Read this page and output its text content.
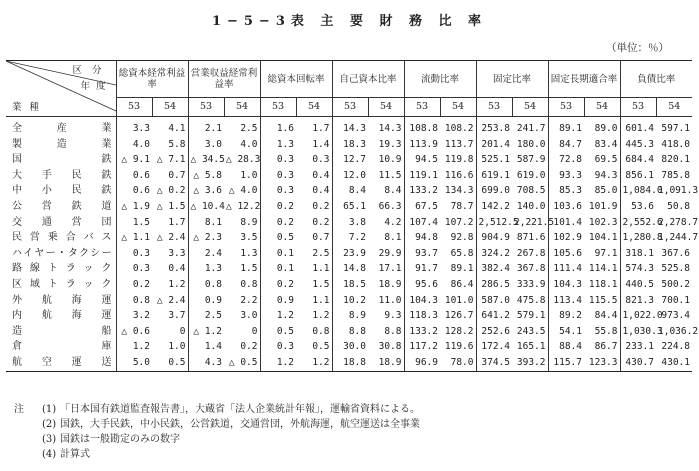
1−5−3表 主 要 財 務 比 率
（単位：％）
区分
年度
業種	総資本経常利益率		営業収益経常利益率		総資本回転率		自己資本比率		流動比率		固定比率		固定長期適合率		負債比率	
	53	54	53	54	53	54	53	54	53	54	53	54	53	54	53	54
全産業	3.3	4.1	2.1	2.5	1.6	1.7	14.3	14.3	108.8	108.2	253.8	241.7	89.1	89.0	601.4	597.1
製造業	4.0	5.8	3.0	4.0	1.3	1.4	18.3	19.3	113.9	113.7	201.4	180.0	84.7	83.4	445.3	418.0
国鉄	△ 9.1	△ 7.1	△ 34.5	△ 28.3	0.3	0.3	12.7	10.9	94.5	119.8	525.1	587.9	72.8	69.5	684.4	820.1
大手民鉄	0.6	0.7	△ 5.8	1.0	0.3	0.4	12.0	11.5	119.1	116.6	619.1	619.0	93.3	94.3	856.1	785.8
中小民鉄	0.6	△ 0.2	△ 3.6	△ 4.0	0.3	0.4	8.4	8.4	133.2	134.3	699.0	708.5	85.3	85.0	1,084.0	1,091.3
公営鉄道	△ 1.9	△ 1.5	△ 10.4	△ 12.2	0.2	0.2	65.1	66.3	67.5	78.7	142.2	140.0	103.6	101.9	53.6	50.8
交通営団	1.5	1.7	8.1	8.9	0.2	0.2	3.8	4.2	107.4	107.2	2,512.5	2,221.5	101.4	102.3	2,552.6	2,278.7
民営乗合バス	△ 1.1	△ 2.4	△ 2.3	3.5	0.5	0.7	7.2	8.1	94.8	92.8	904.9	871.6	102.9	104.1	1,280.8	1,244.7
ハイヤー・タクシー	0.3	3.3	2.4	1.3	0.1	2.5	23.9	29.9	93.7	65.8	324.2	267.8	105.6	97.1	318.1	367.6
路線トラック	0.3	0.4	1.3	1.5	0.1	1.1	14.8	17.1	91.7	89.1	382.4	367.8	111.4	114.1	574.3	525.8
区域トラック	0.2	1.2	0.8	0.8	0.2	1.5	18.5	18.9	95.6	86.4	286.5	333.9	104.3	118.1	440.5	500.2
外航海運	0.8	△ 2.4	0.9	2.2	0.9	1.1	10.2	11.0	104.3	101.0	587.0	475.8	113.4	115.5	821.3	700.1
内航海運	3.2	3.7	2.5	3.0	1.2	1.2	8.9	9.3	118.3	126.7	641.2	579.1	89.2	84.4	1,022.0	973.4
造船	△ 0.6	0	△ 1.2	0	0.5	0.8	8.8	8.8	133.2	128.2	252.6	243.5	54.1	55.8	1,030.3	1,036.2
倉庫	1.2	1.0	1.4	0.2	0.3	0.5	30.0	30.8	117.2	119.6	172.4	165.1	88.4	86.7	233.1	224.8
航空運送	5.0	0.5	4.3	△ 0.5	1.2	1.2	18.8	18.9	96.9	78.0	374.5	393.2	115.7	123.3	430.7	430.1
注	(1) 「日本国有鉄道監査報告書」，大蔵省「法人企業統計年報」，運輸省資料による。
(2) 国鉄，大手民鉄，中小民鉄，公営鉄道，交通営団，外航海運，航空運送は全事業
(3) 国鉄は一般勘定のみの数字
(4) 計算式
